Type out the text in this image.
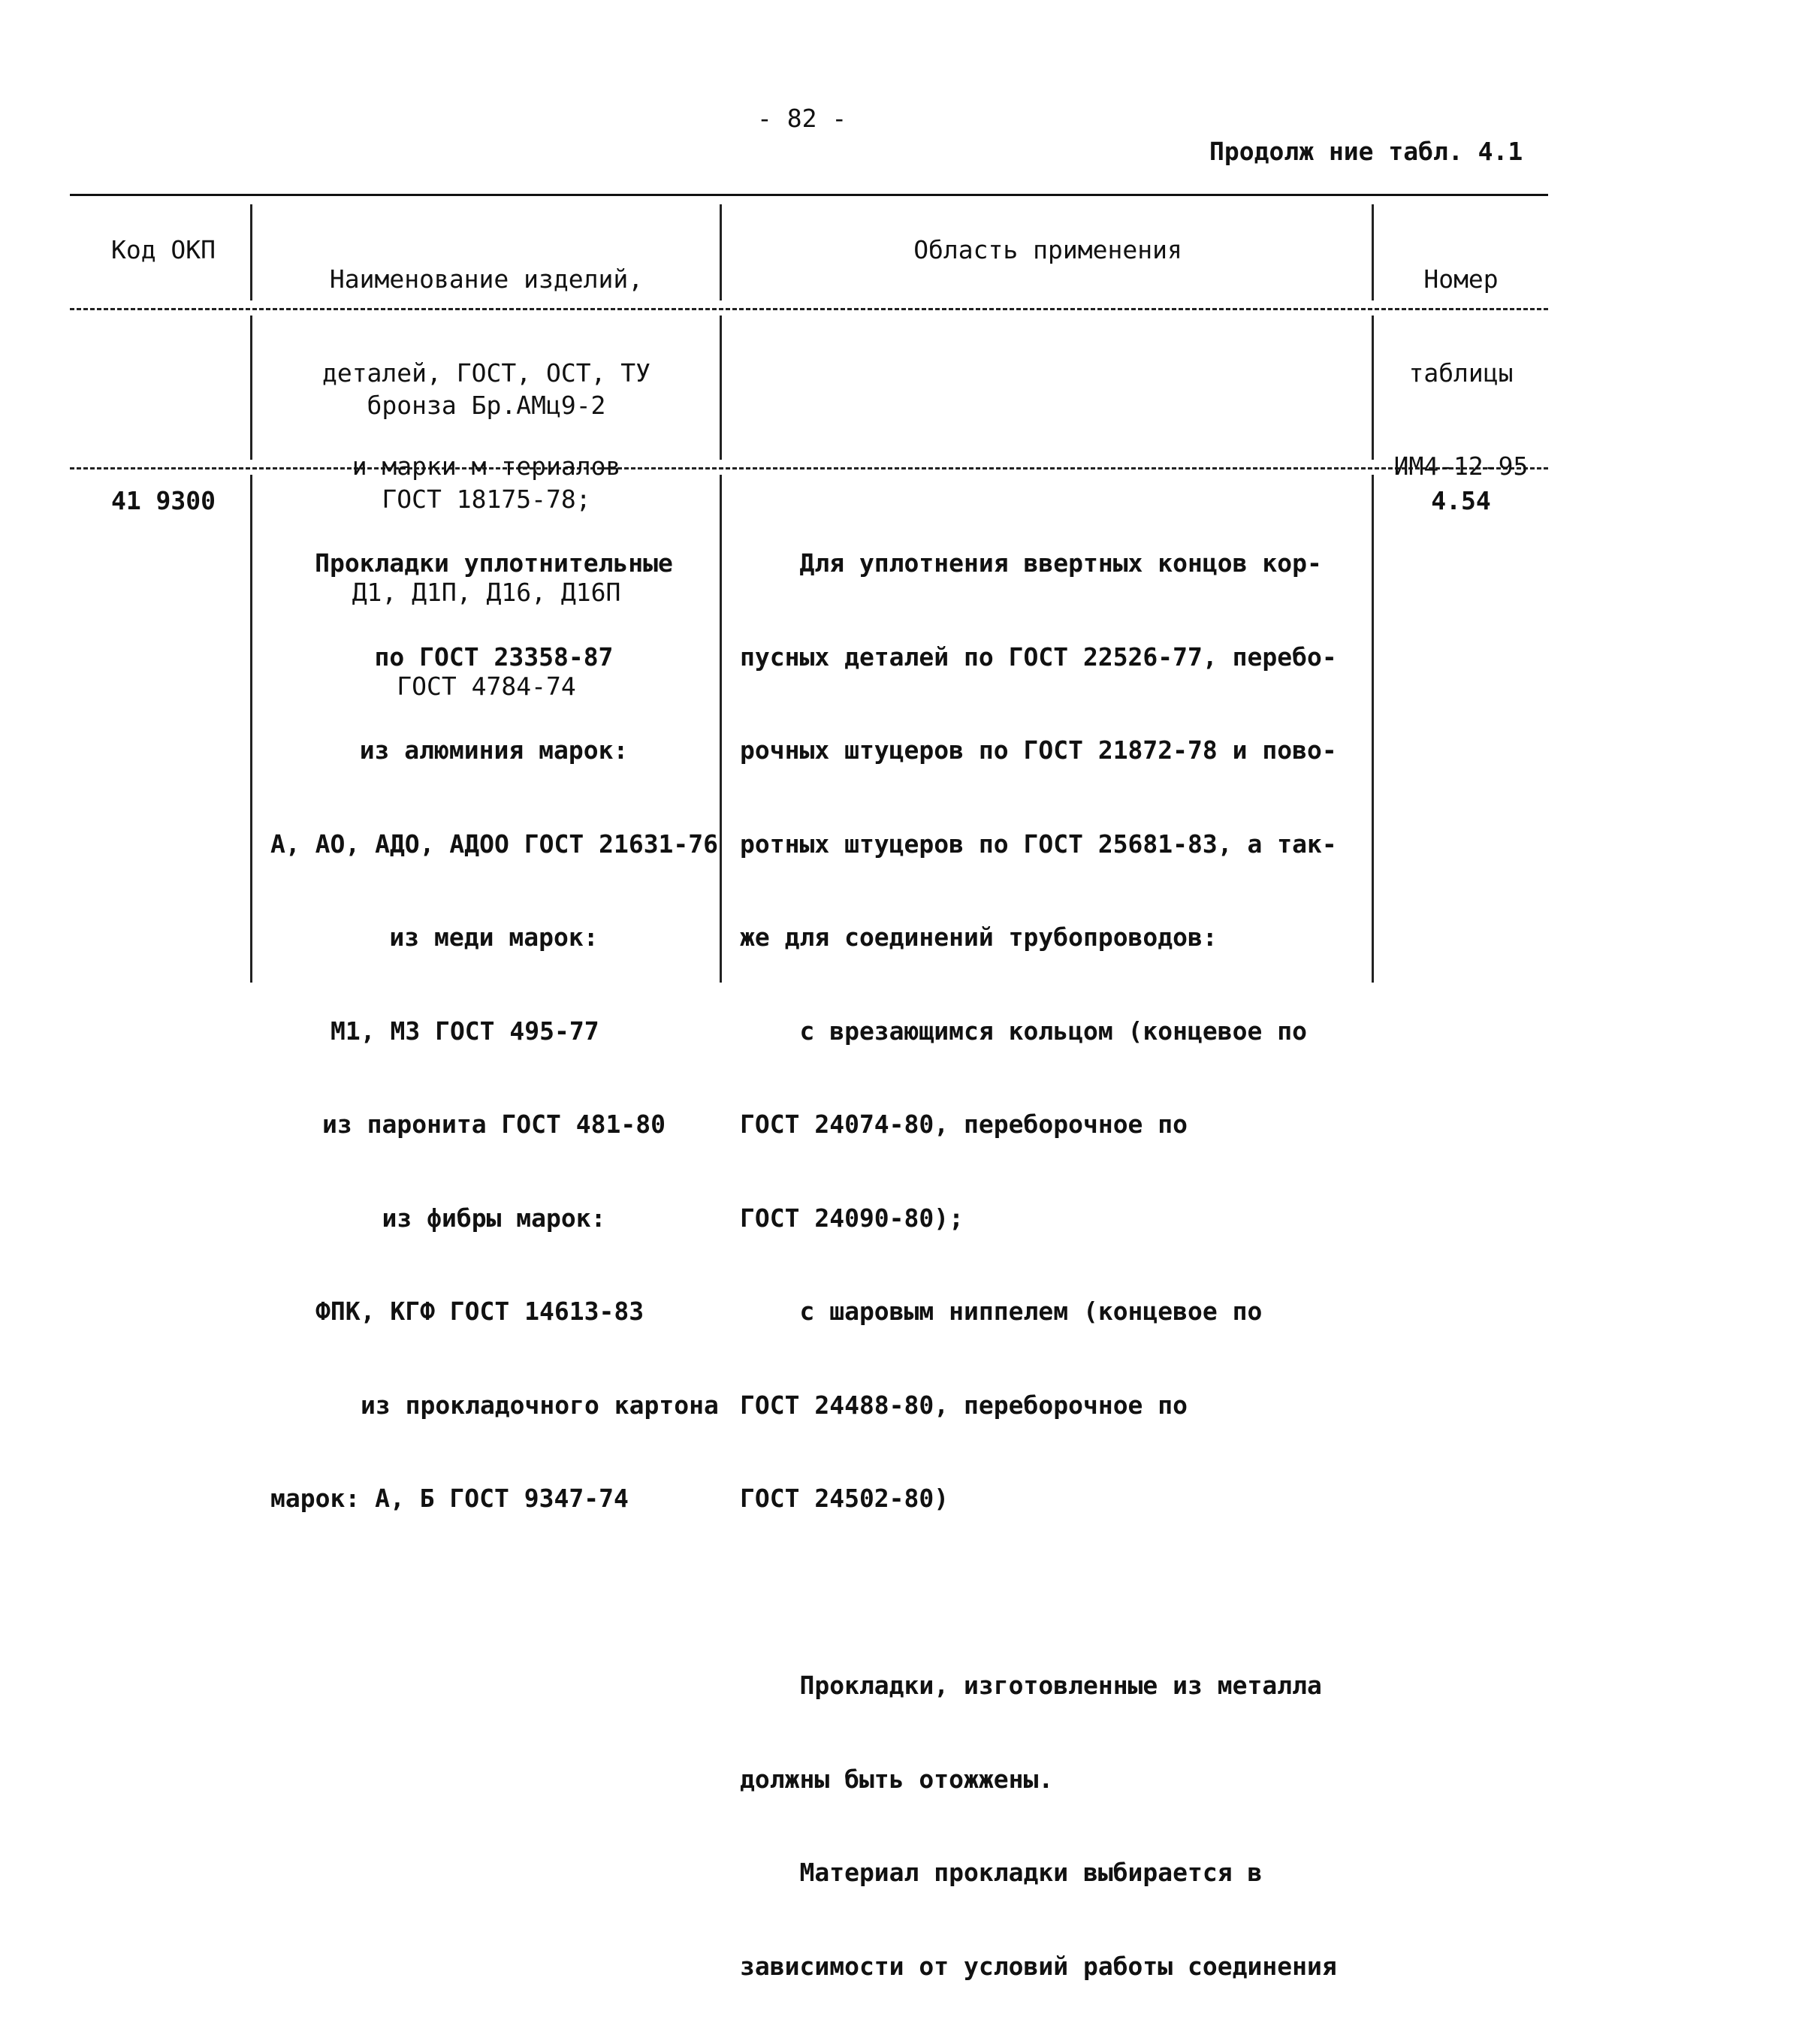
- 82 -
Продолж ние табл. 4.1
Код ОКП

Наименование изделий,

деталей, ГОСТ, ОСТ, ТУ

и марки м териалов

Область применения

Номер

таблицы

ИМ4-12-95

бронза Бр.АМц9-2

ГОСТ 18175-78;

Д1, Д1П, Д16, Д16П

ГОСТ 4784-74

41 9300

Прокладки уплотнительные

по ГОСТ 23358-87

из алюминия марок:

А, АО, АДО, АДОО ГОСТ 21631-76

из меди марок:

М1, М3 ГОСТ 495-77

из паронита ГОСТ 481-80

из фибры марок:

ФПК, КГФ ГОСТ 14613-83

из прокладочного картона

марок: А, Б ГОСТ 9347-74

Для уплотнения ввертных концов кор-

пусных деталей по ГОСТ 22526-77, перебо-

рочных штуцеров по ГОСТ 21872-78 и пово-

ротных штуцеров по ГОСТ 25681-83, а так-

же для соединений трубопроводов:

с врезающимся кольцом (концевое по

ГОСТ 24074-80, переборочное по

ГОСТ 24090-80);

с шаровым ниппелем (концевое по

ГОСТ 24488-80, переборочное по

ГОСТ 24502-80)

Прокладки, изготовленные из металла

должны быть отожжены.

Материал прокладки выбирается в

зависимости от условий работы соединения

4.54
